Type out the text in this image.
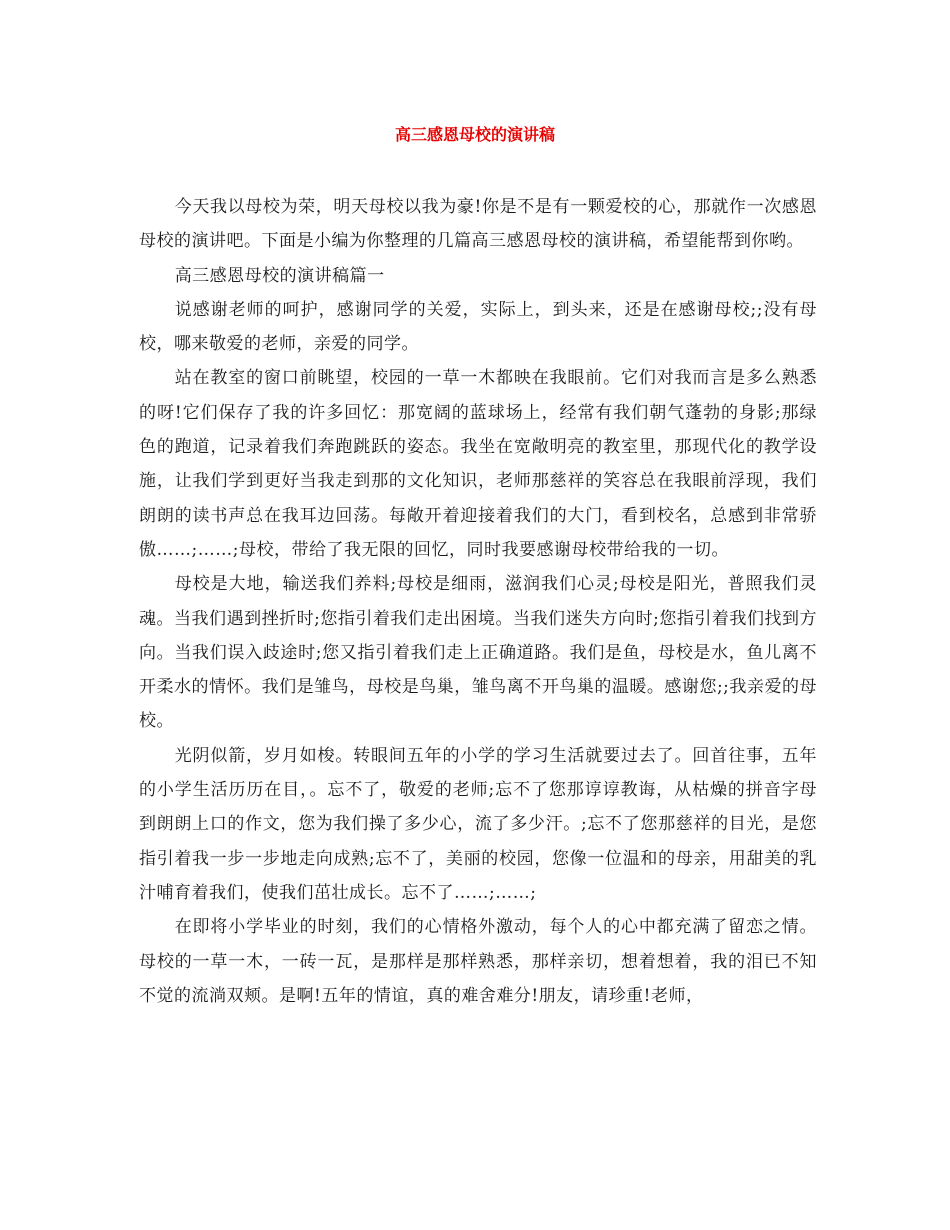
高三感恩母校的演讲稿

今天我以母校为荣，明天母校以我为豪!你是不是有一颗爱校的心，那就作一次感恩母校的演讲吧。下面是小编为你整理的几篇高三感恩母校的演讲稿，希望能帮到你哟。

高三感恩母校的演讲稿篇一

说感谢老师的呵护，感谢同学的关爱，实际上，到头来，还是在感谢母校;;没有母校，哪来敬爱的老师，亲爱的同学。

站在教室的窗口前眺望，校园的一草一木都映在我眼前。它们对我而言是多么熟悉的呀!它们保存了我的许多回忆：那宽阔的蓝球场上，经常有我们朝气蓬勃的身影;那绿色的跑道，记录着我们奔跑跳跃的姿态。我坐在宽敞明亮的教室里，那现代化的教学设施，让我们学到更好当我走到那的文化知识，老师那慈祥的笑容总在我眼前浮现，我们朗朗的读书声总在我耳边回荡。每敞开着迎接着我们的大门，看到校名，总感到非常骄傲……;……;母校，带给了我无限的回忆，同时我要感谢母校带给我的一切。

母校是大地，输送我们养料;母校是细雨，滋润我们心灵;母校是阳光，普照我们灵魂。当我们遇到挫折时;您指引着我们走出困境。当我们迷失方向时;您指引着我们找到方向。当我们误入歧途时;您又指引着我们走上正确道路。我们是鱼，母校是水，鱼儿离不开柔水的情怀。我们是雏鸟，母校是鸟巢，雏鸟离不开鸟巢的温暖。感谢您;;我亲爱的母校。

光阴似箭，岁月如梭。转眼间五年的小学的学习生活就要过去了。回首往事，五年的小学生活历历在目，。忘不了，敬爱的老师;忘不了您那谆谆教诲，从枯燥的拼音字母到朗朗上口的作文，您为我们操了多少心，流了多少汗。;忘不了您那慈祥的目光，是您指引着我一步一步地走向成熟;忘不了，美丽的校园，您像一位温和的母亲，用甜美的乳汁哺育着我们，使我们茁壮成长。忘不了……;……;

在即将小学毕业的时刻，我们的心情格外激动，每个人的心中都充满了留恋之情。母校的一草一木，一砖一瓦，是那样是那样熟悉，那样亲切，想着想着，我的泪已不知不觉的流淌双颊。是啊!五年的情谊，真的难舍难分!朋友，请珍重!老师，
